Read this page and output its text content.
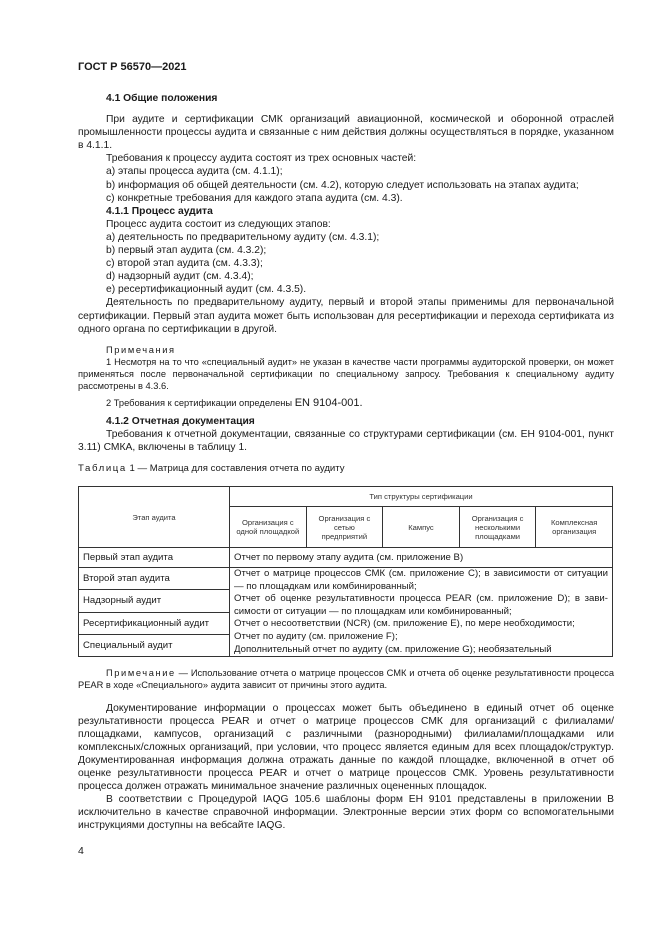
ГОСТ Р 56570—2021

4.1 Общие положения

При аудите и сертификации СМК организаций авиационной, космической и оборонной отраслей промышленности процессы аудита и связанные с ним действия должны осуществляться в порядке, указанном в 4.1.1.

Требования к процессу аудита состоят из трех основных частей:

a) этапы процесса аудита (см. 4.1.1);

b) информация об общей деятельности (см. 4.2), которую следует использовать на этапах аудита;

c) конкретные требования для каждого этапа аудита (см. 4.3).

4.1.1 Процесс аудита

Процесс аудита состоит из следующих этапов:

a) деятельность по предварительному аудиту (см. 4.3.1);

b) первый этап аудита (см. 4.3.2);

c) второй этап аудита (см. 4.3.3);

d) надзорный аудит (см. 4.3.4);

e) ресертификационный аудит (см. 4.3.5).

Деятельность по предварительному аудиту, первый и второй этапы применимы для первоначальной сертификации. Первый этап аудита может быть использован для ресертификации и перехода сертификата из одного органа по сертификации в другой.

Примечания

1 Несмотря на то что «специальный аудит» не указан в качестве части программы аудиторской проверки, он может применяться после первоначальной сертификации по специальному запросу. Требования к специальному аудиту рассмотрены в 4.3.6.

2 Требования к сертификации определены EN 9104-001.

4.1.2 Отчетная документация

Требования к отчетной документации, связанные со структурами сертификации (см. ЕН 9104-001, пункт 3.11) СМКА, включены в таблицу 1.

Таблица 1 — Матрица для составления отчета по аудиту
Этап аудита	Тип структуры сертификации				
	Организация с одной площадкой	Организация с сетью предприятий	Кампус	Организация с несколькими площадками	Комплексная организация
Первый этап аудита	Отчет по первому этапу аудита (см. приложение В)				
Второй этап аудита	Отчет о матрице процессов СМК (см. приложение С); в зависимости от ситуации — по площадкам или комбинированный;
Отчет об оценке результативности процесса PEAR (см. приложение D); в зависимости от ситуации — по площадкам или комбинированный;
Отчет о несоответствии (NCR) (см. приложение Е), по мере необходимости;
Отчет по аудиту (см. приложение F);
Дополнительный отчет по аудиту (см. приложение G); необязательный				

Надзорный аудит					
Ресертификационный аудит					
Специальный аудит					

Примечание — Использование отчета о матрице процессов СМК и отчета об оценке результативности процесса PEAR в ходе «Специального» аудита зависит от причины этого аудита.

Документирование информации о процессах может быть объединено в единый отчет об оценке результативности процесса PEAR и отчет о матрице процессов СМК для организаций с филиалами/площадками, кампусов, организаций с различными (разнородными) филиалами/площадками или комплексных/сложных организаций, при условии, что процесс является единым для всех площадок/структур. Документированная информация должна отражать данные по каждой площадке, включенной в отчет об оценке результативности процесса PEAR и отчет о матрице процессов СМК. Уровень результативности процесса должен отражать минимальное значение различных оцененных площадок.

В соответствии с Процедурой IAQG 105.6 шаблоны форм ЕН 9101 представлены в приложении В исключительно в качестве справочной информации. Электронные версии этих форм со вспомогательными инструкциями доступны на вебсайте IAQG.

4
